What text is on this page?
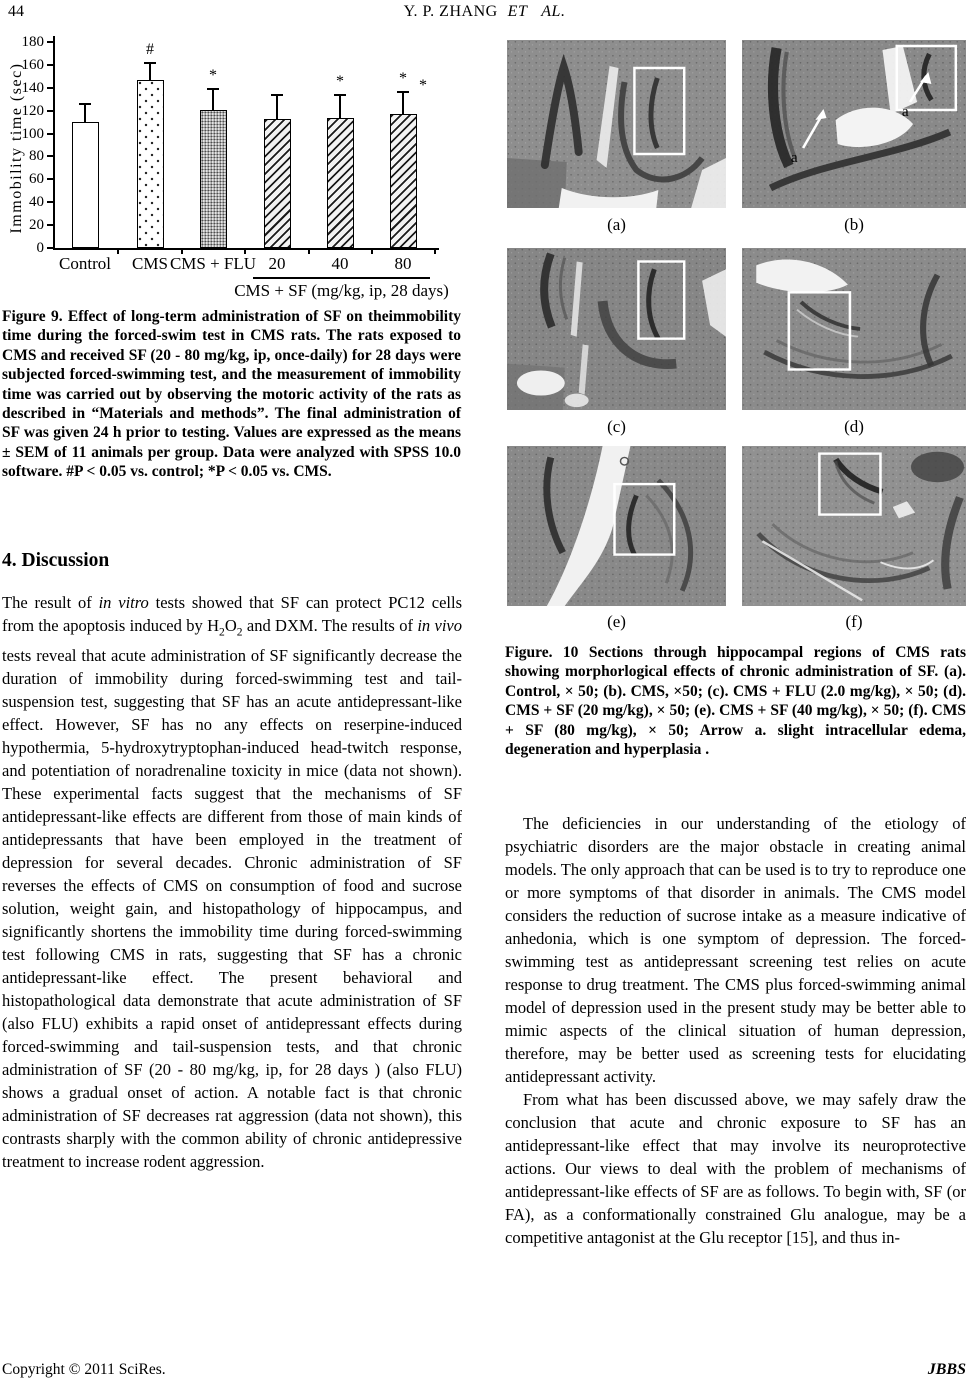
44	Y. P. ZHANG ET AL.
Immobility time (sec)
0
20
40
60
80
100
120
140
160
180
Control
#
CMS
*
CMS + FLU 20
*
40
* *
80
CMS + SF (mg/kg, ip, 28 days)
Figure 9. Effect of long-term administration of SF on theimmobility time during the forced-swim test in CMS rats. The rats exposed to CMS and received SF (20 - 80 mg/kg, ip, once-daily) for 28 days were subjected forced-swimming test, and the measurement of immobility time was carried out by observing the motoric activity of the rats as described in “Materials and methods”. The final administration of SF was given 24 h prior to testing. Values are expressed as the means ± SEM of 11 animals per group. Data were analyzed with SPSS 10.0 software. #P < 0.05 vs. control; *P < 0.05 vs. CMS.
4. Discussion
The result of in vitro tests showed that SF can protect PC12 cells from the apoptosis induced by $H_2O_2$ and DXM. The results of in vivo tests reveal that acute administration of SF significantly decrease the duration of immobility during forced-swimming test and tail-suspension test, suggesting that SF has an acute antidepressant-like effect. However, SF has no any effects on reserpine-induced hypothermia, 5-hydroxytryptophan-induced head-twitch response, and potentiation of noradrenaline toxicity in mice (data not shown). These experimental facts suggest that the mechanisms of SF antidepressant-like effects are different from those of main kinds of antidepressants that have been employed in the treatment of depression for several decades. Chronic administration of SF reverses the effects of CMS on consumption of food and sucrose solution, weight gain, and histopathology of hippocampus, and significantly shortens the immobility time during forced-swimming test following CMS in rats, suggesting that SF has a chronic antidepressant-like effect. The present behavioral and histopathological data demonstrate that acute administration of SF (also FLU) exhibits a rapid onset of antidepressant effects during forced-swimming and tail-suspension tests, and that chronic administration of SF (20 - 80 mg/kg, ip, for 28 days ) (also FLU) shows a gradual onset of action. A notable fact is that chronic administration of SF decreases rat aggression (data not shown), this contrasts sharply with the common ability of chronic antidepressive treatment to increase rodent aggression.
a
a
(a)	(b)
(c)	(d)
(e)	(f)
Figure. 10 Sections through hippocampal regions of CMS rats showing morphorlogical effects of chronic administration of SF. (a). Control, × 50; (b). CMS, ×50; (c). CMS + FLU (2.0 mg/kg), × 50; (d). CMS + SF (20 mg/kg), × 50; (e). CMS + SF (40 mg/kg), × 50; (f). CMS + SF (80 mg/kg), × 50; Arrow a. slight intracellular edema, degeneration and hyperplasia .

The deficiencies in our understanding of the etiology of psychiatric disorders are the major obstacle in creating animal models. The only approach that can be used is to try to reproduce one or more symptoms of that disorder in animals. The CMS model considers the reduction of sucrose intake as a measure indicative of anhedonia, which is one symptom of depression. The forced-swimming test as antidepressant screening test relies on acute response to drug treatment. The CMS plus forced-swimming animal model of depression used in the present study may be better able to mimic aspects of the clinical situation of human depression, therefore, may be better used as screening tests for elucidating antidepressant activity.

From what has been discussed above, we may safely draw the conclusion that acute and chronic exposure to SF has an antidepressant-like effect that may involve its neuroprotective actions. Our views to deal with the problem of mechanisms of antidepressant-like effects of SF are as follows. To begin with, SF (or FA), as a conformationally constrained Glu analogue, may be a competitive antagonist at the Glu receptor [15], and thus in-

Copyright © 2011 SciRes.	JBBS
